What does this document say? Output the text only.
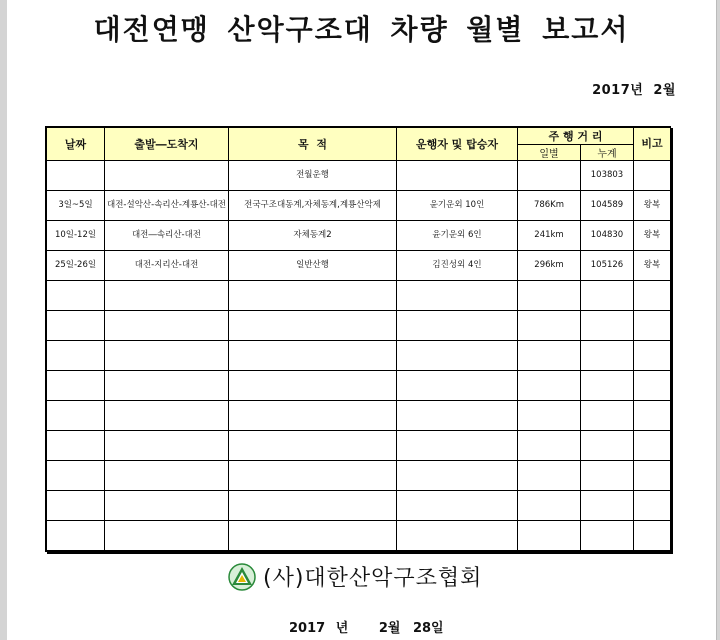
대전연맹 산악구조대 차량 월별 보고서
2017년 2월
날짜	출발―도착지	목  적	운행자 및 탑승자	주 행 거 리		비고
				일별	누계	
		전월운행			103803	
3일~5일	대전-설악산-속리산-계룡산-대전	전국구조대동계,자체동계,계룡산악제	윤기운외 10인	786Km	104589	왕복
10일-12일	대전―속리산-대전	자체동계2	윤기운외 6인	241km	104830	왕복
25일-26일	대전-지리산-대전	일반산행	김진성외 4인	296km	105126	왕복

(사)대한산악구조협회
2017 년 2월 28일
